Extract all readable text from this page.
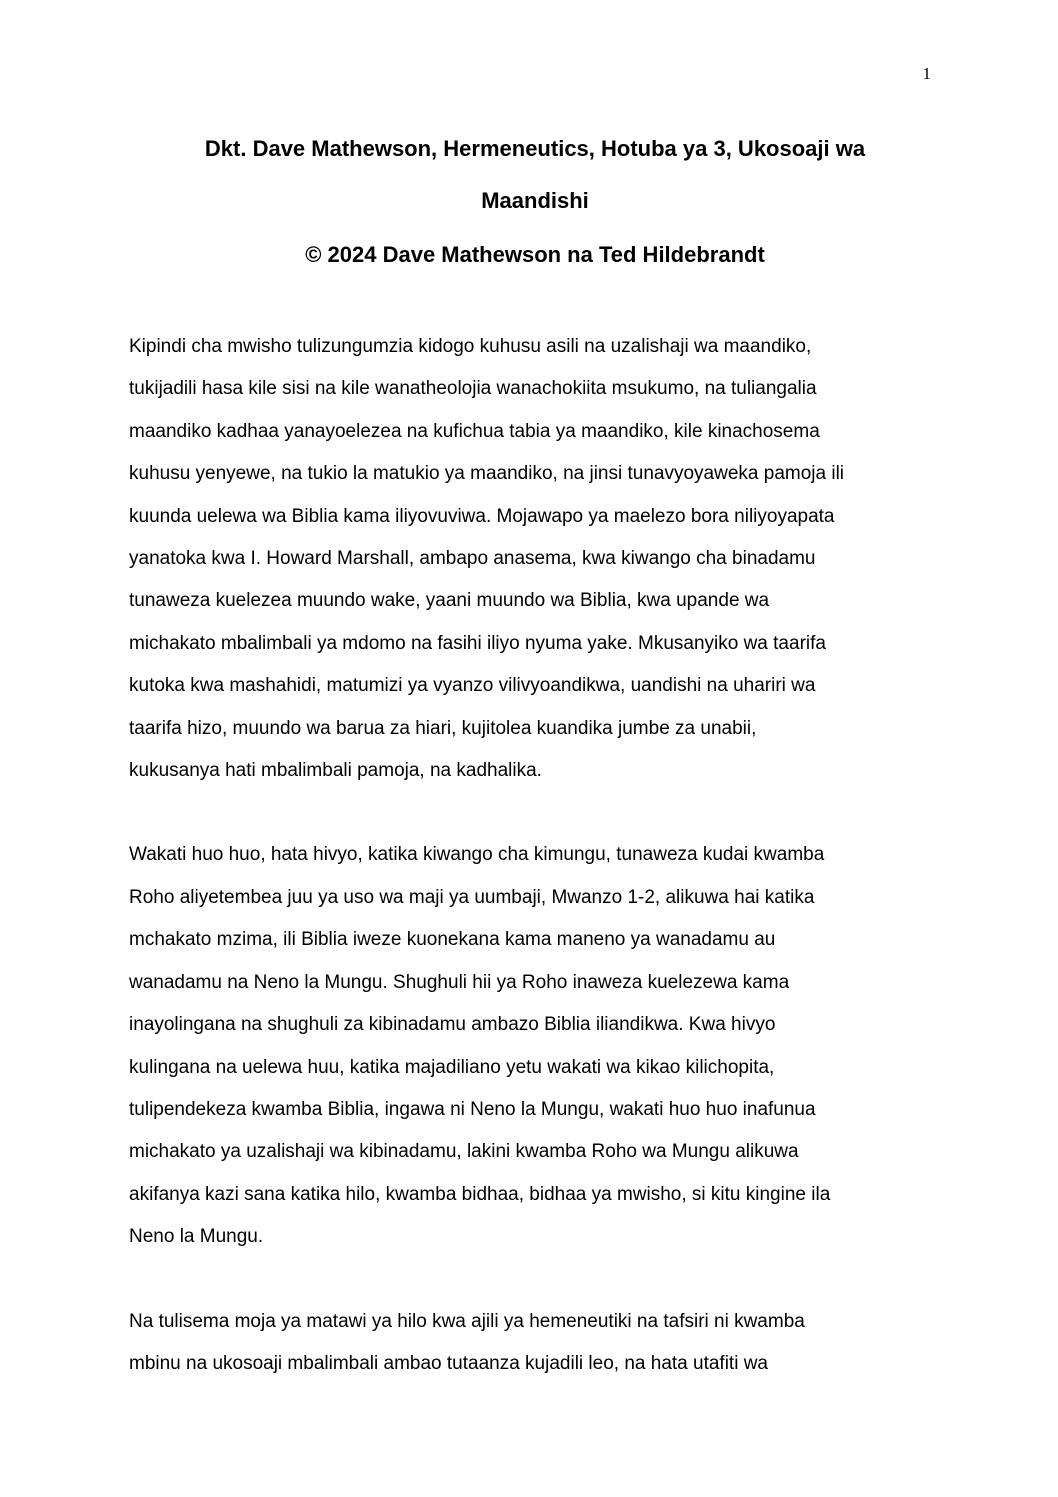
1
Dkt. Dave Mathewson, Hermeneutics, Hotuba ya 3, Ukosoaji wa
Maandishi
© 2024 Dave Mathewson na Ted Hildebrandt

Kipindi cha mwisho tulizungumzia kidogo kuhusu asili na uzalishaji wa maandiko,
tukijadili hasa kile sisi na kile wanatheolojia wanachokiita msukumo, na tuliangalia
maandiko kadhaa yanayoelezea na kufichua tabia ya maandiko, kile kinachosema
kuhusu yenyewe, na tukio la matukio ya maandiko, na jinsi tunavyoyaweka pamoja ili
kuunda uelewa wa Biblia kama iliyovuviwa. Mojawapo ya maelezo bora niliyoyapata
yanatoka kwa I. Howard Marshall, ambapo anasema, kwa kiwango cha binadamu
tunaweza kuelezea muundo wake, yaani muundo wa Biblia, kwa upande wa
michakato mbalimbali ya mdomo na fasihi iliyo nyuma yake. Mkusanyiko wa taarifa
kutoka kwa mashahidi, matumizi ya vyanzo vilivyoandikwa, uandishi na uhariri wa
taarifa hizo, muundo wa barua za hiari, kujitolea kuandika jumbe za unabii,
kukusanya hati mbalimbali pamoja, na kadhalika.

Wakati huo huo, hata hivyo, katika kiwango cha kimungu, tunaweza kudai kwamba
Roho aliyetembea juu ya uso wa maji ya uumbaji, Mwanzo 1-2, alikuwa hai katika
mchakato mzima, ili Biblia iweze kuonekana kama maneno ya wanadamu au
wanadamu na Neno la Mungu. Shughuli hii ya Roho inaweza kuelezewa kama
inayolingana na shughuli za kibinadamu ambazo Biblia iliandikwa. Kwa hivyo
kulingana na uelewa huu, katika majadiliano yetu wakati wa kikao kilichopita,
tulipendekeza kwamba Biblia, ingawa ni Neno la Mungu, wakati huo huo inafunua
michakato ya uzalishaji wa kibinadamu, lakini kwamba Roho wa Mungu alikuwa
akifanya kazi sana katika hilo, kwamba bidhaa, bidhaa ya mwisho, si kitu kingine ila
Neno la Mungu.

Na tulisema moja ya matawi ya hilo kwa ajili ya hemeneutiki na tafsiri ni kwamba
mbinu na ukosoaji mbalimbali ambao tutaanza kujadili leo, na hata utafiti wa
